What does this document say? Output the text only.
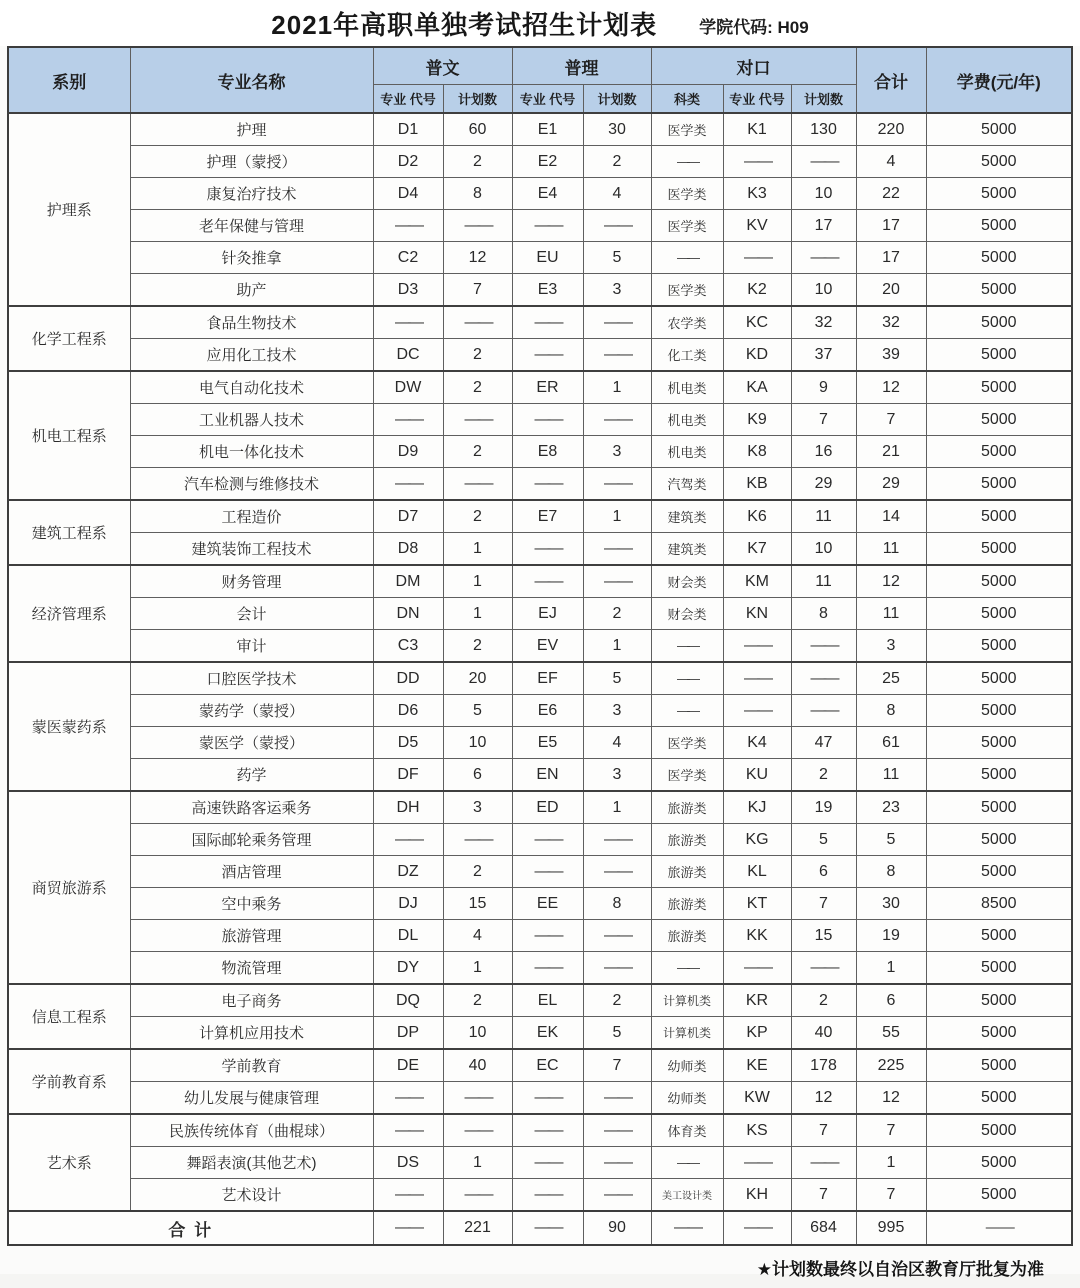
2021年高职单独考试招生计划表 学院代码: H09
系别	专业名称	普文		普理		对口			合计	学费(元/年)
		专业 代号	计划数	专业 代号	计划数	科类	专业 代号	计划数		
护理系	护理	D1	60	E1	30	医学类	K1	130	220	5000
	护理（蒙授）	D2	2	E2	2	——	——	——	4	5000
	康复治疗技术	D4	8	E4	4	医学类	K3	10	22	5000
	老年保健与管理	——	——	——	——	医学类	KV	17	17	5000
	针灸推拿	C2	12	EU	5	——	——	——	17	5000
	助产	D3	7	E3	3	医学类	K2	10	20	5000
化学工程系	食品生物技术	——	——	——	——	农学类	KC	32	32	5000
	应用化工技术	DC	2	——	——	化工类	KD	37	39	5000
机电工程系	电气自动化技术	DW	2	ER	1	机电类	KA	9	12	5000
	工业机器人技术	——	——	——	——	机电类	K9	7	7	5000
	机电一体化技术	D9	2	E8	3	机电类	K8	16	21	5000
	汽车检测与维修技术	——	——	——	——	汽驾类	KB	29	29	5000
建筑工程系	工程造价	D7	2	E7	1	建筑类	K6	11	14	5000
	建筑装饰工程技术	D8	1	——	——	建筑类	K7	10	11	5000
经济管理系	财务管理	DM	1	——	——	财会类	KM	11	12	5000
	会计	DN	1	EJ	2	财会类	KN	8	11	5000
	审计	C3	2	EV	1	——	——	——	3	5000
蒙医蒙药系	口腔医学技术	DD	20	EF	5	——	——	——	25	5000
	蒙药学（蒙授）	D6	5	E6	3	——	——	——	8	5000
	蒙医学（蒙授）	D5	10	E5	4	医学类	K4	47	61	5000
	药学	DF	6	EN	3	医学类	KU	2	11	5000
商贸旅游系	高速铁路客运乘务	DH	3	ED	1	旅游类	KJ	19	23	5000
	国际邮轮乘务管理	——	——	——	——	旅游类	KG	5	5	5000
	酒店管理	DZ	2	——	——	旅游类	KL	6	8	5000
	空中乘务	DJ	15	EE	8	旅游类	KT	7	30	8500
	旅游管理	DL	4	——	——	旅游类	KK	15	19	5000
	物流管理	DY	1	——	——	——	——	——	1	5000
信息工程系	电子商务	DQ	2	EL	2	计算机类	KR	2	6	5000
	计算机应用技术	DP	10	EK	5	计算机类	KP	40	55	5000
学前教育系	学前教育	DE	40	EC	7	幼师类	KE	178	225	5000
	幼儿发展与健康管理	——	——	——	——	幼师类	KW	12	12	5000
艺术系	民族传统体育（曲棍球）	——	——	——	——	体育类	KS	7	7	5000
	舞蹈表演(其他艺术)	DS	1	——	——	——	——	——	1	5000
	艺术设计	——	——	——	——	美工设计类	KH	7	7	5000
合 计		——	221	——	90	——	——	684	995	——
★计划数最终以自治区教育厅批复为准
